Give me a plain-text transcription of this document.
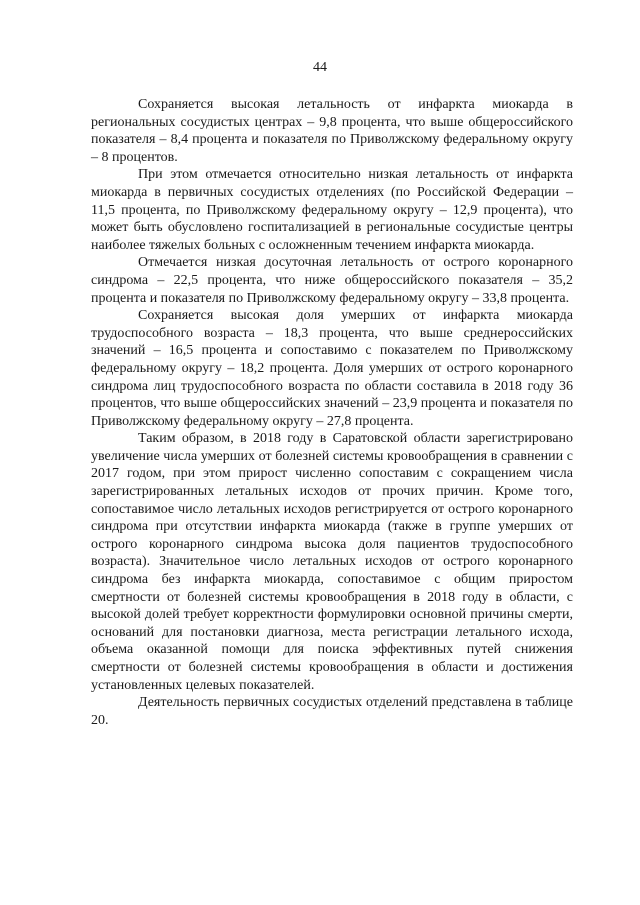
44

Сохраняется высокая летальность от инфаркта миокарда в региональных сосудистых центрах – 9,8 процента, что выше общероссийского показателя – 8,4 процента и показателя по Приволжскому федеральному округу – 8 процентов.

При этом отмечается относительно низкая летальность от инфаркта миокарда в первичных сосудистых отделениях (по Российской Федерации – 11,5 процента, по Приволжскому федеральному округу – 12,9 процента), что может быть обусловлено госпитализацией в региональные сосудистые центры наиболее тяжелых больных с осложненным течением инфаркта миокарда.

Отмечается низкая досуточная летальность от острого коронарного синдрома – 22,5 процента, что ниже общероссийского показателя – 35,2 процента и показателя по Приволжскому федеральному округу – 33,8 процента.

Сохраняется высокая доля умерших от инфаркта миокарда трудоспособного возраста – 18,3 процента, что выше среднероссийских значений – 16,5 процента и сопоставимо с показателем по Приволжскому федеральному округу – 18,2 процента. Доля умерших от острого коронарного синдрома лиц трудоспособного возраста по области составила в 2018 году 36 процентов, что выше общероссийских значений – 23,9 процента и показателя по Приволжскому федеральному округу – 27,8 процента.

Таким образом, в 2018 году в Саратовской области зарегистрировано увеличение числа умерших от болезней системы кровообращения в сравнении с 2017 годом, при этом прирост численно сопоставим с сокращением числа зарегистрированных летальных исходов от прочих причин. Кроме того, сопоставимое число летальных исходов регистрируется от острого коронарного синдрома при отсутствии инфаркта миокарда (также в группе умерших от острого коронарного синдрома высока доля пациентов трудоспособного возраста). Значительное число летальных исходов от острого коронарного синдрома без инфаркта миокарда, сопоставимое с общим приростом смертности от болезней системы кровообращения в 2018 году в области, с высокой долей требует корректности формулировки основной причины смерти, оснований для постановки диагноза, места регистрации летального исхода, объема оказанной помощи для поиска эффективных путей снижения смертности от болезней системы кровообращения в области и достижения установленных целевых показателей.

Деятельность первичных сосудистых отделений представлена в таблице 20.
